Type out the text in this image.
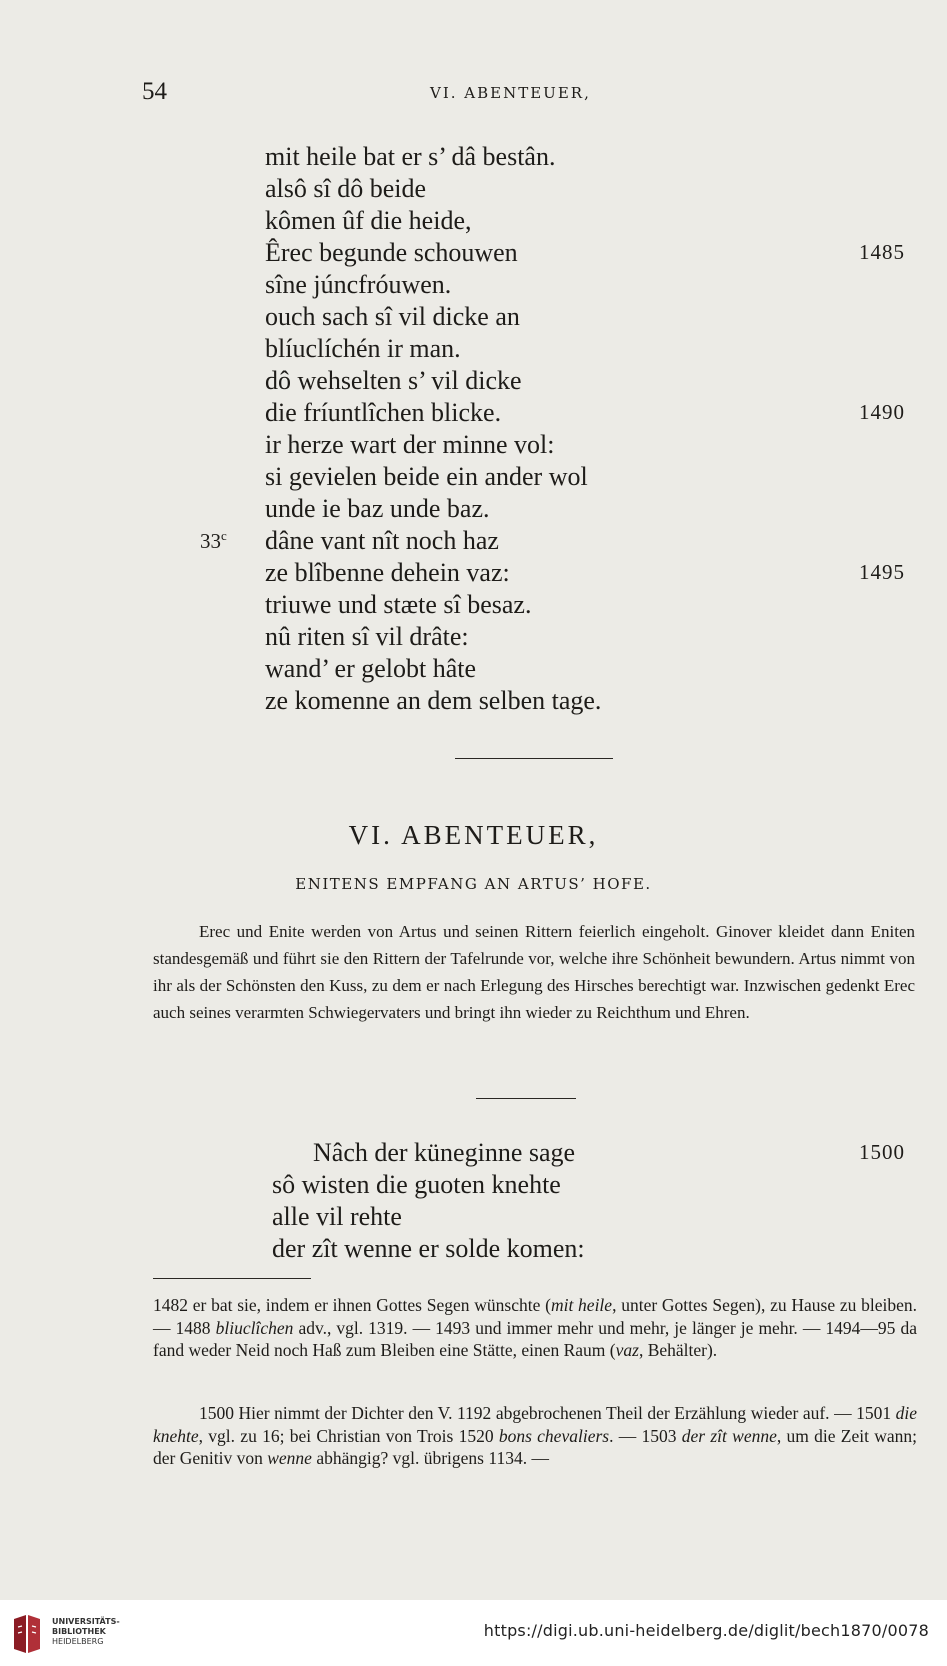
54	VI. ABENTEUER,
mit heile bat er s’ dâ bestân.
alsô sî dô beide
kômen ûf die heide,
Êrec begunde schouwen	1485
sîne júncfróuwen.
ouch sach sî vil dicke an
blíuclíchén ir man.
dô wehselten s’ vil dicke
die fríuntlîchen blicke.	1490
ir herze wart der minne vol:
si gevielen beide ein ander wol
unde ie baz unde baz.
33$^c$ dâne vant nît noch haz
ze blîbenne dehein vaz:	1495
triuwe und stæte sî besaz.
nû riten sî vil drâte:
wand’ er gelobt hâte
ze komenne an dem selben tage.
VI. ABENTEUER,
ENITENS EMPFANG AN ARTUS’ HOFE.
Erec und Enite werden von Artus und seinen Rittern feierlich eingeholt. Ginover kleidet dann Eniten standesgemäß und führt sie den Rittern der Tafelrunde vor, welche ihre Schönheit bewundern. Artus nimmt von ihr als der Schönsten den Kuss, zu dem er nach Erlegung des Hirsches berechtigt war. Inzwischen gedenkt Erec auch seines verarmten Schwiegervaters und bringt ihn wieder zu Reichthum und Ehren.
Nâch der küneginne sage	1500
sô wisten die guoten knehte
alle vil rehte
der zît wenne er solde komen:
1482 er bat sie, indem er ihnen Gottes Segen wünschte (mit heile, unter Gottes Segen), zu Hause zu bleiben. — 1488 bliuclîchen adv., vgl. 1319. — 1493 und immer mehr und mehr, je länger je mehr. — 1494—95 da fand weder Neid noch Haß zum Bleiben eine Stätte, einen Raum (vaz, Behälter).
1500 Hier nimmt der Dichter den V. 1192 abgebrochenen Theil der Erzählung wieder auf. — 1501 die knehte, vgl. zu 16; bei Christian von Trois 1520 bons chevaliers. — 1503 der zît wenne, um die Zeit wann; der Genitiv von wenne abhängig? vgl. übrigens 1134. —
UNIVERSITÄTS-
BIBLIOTHEK
HEIDELBERG
https://digi.ub.uni-heidelberg.de/diglit/bech1870/0078
